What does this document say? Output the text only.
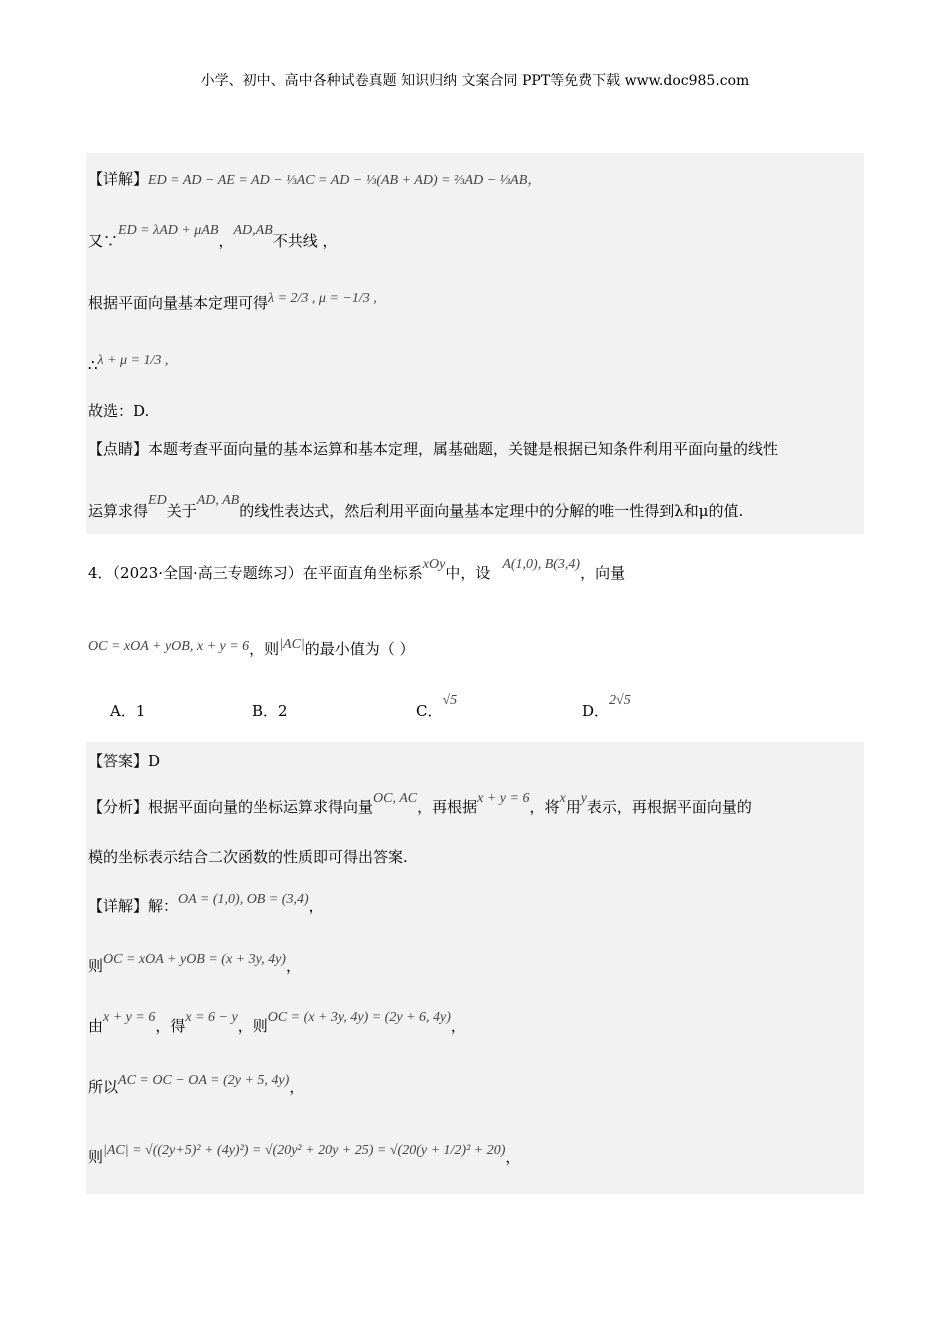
小学、初中、高中各种试卷真题 知识归纳 文案合同 PPT等免费下载 www.doc985.com
【详解】ED = AD − AE = AD − ⅓AC = AD − ⅓(AB + AD) = ⅔AD − ⅓AB，
又∵ED = λAD + μAB，AD,AB不共线 ，
根据平面向量基本定理可得λ = 2/3 , μ = −1/3 ,
∴λ + μ = 1/3 ,
故选：D.
【点睛】本题考查平面向量的基本运算和基本定理，属基础题，关键是根据已知条件利用平面向量的线性
运算求得ED关于AD, AB的线性表达式，然后利用平面向量基本定理中的分解的唯一性得到λ和μ的值.
4．（2023·全国·高三专题练习）在平面直角坐标系xOy中，设 A(1,0), B(3,4)，向量
OC = xOA + yOB, x + y = 6，则|AC|的最小值为（ ）
A．1	B．2	C．√5
D．2√5
【答案】D
【分析】根据平面向量的坐标运算求得向量OC, AC，再根据x + y = 6，将x用y表示，再根据平面向量的
模的坐标表示结合二次函数的性质即可得出答案.
【详解】解：OA = (1,0), OB = (3,4)，
则OC = xOA + yOB = (x + 3y, 4y)，
由x + y = 6，得x = 6 − y，则OC = (x + 3y, 4y) = (2y + 6, 4y)，
所以AC = OC − OA = (2y + 5, 4y)，
则|AC| = √((2y+5)² + (4y)²) = √(20y² + 20y + 25) = √(20(y + 1/2)² + 20)，
